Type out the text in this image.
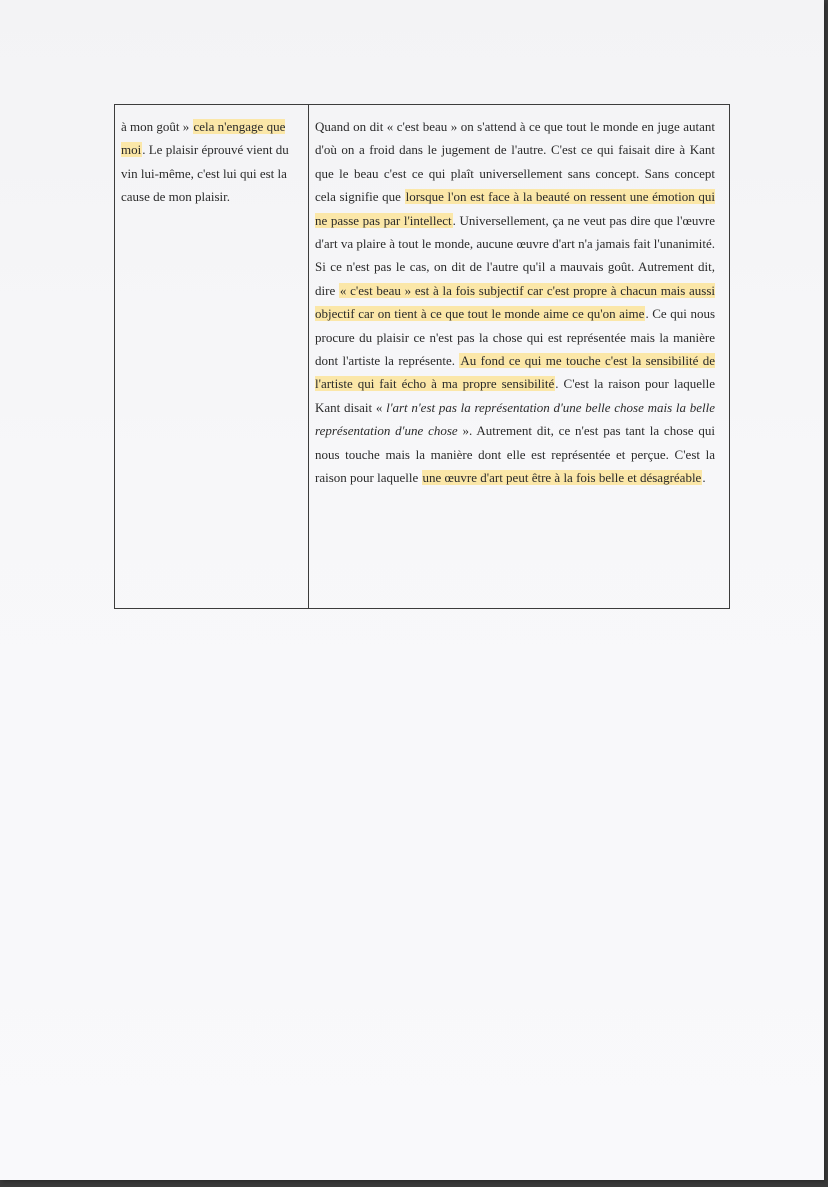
à mon goût » cela n'engage que moi. Le plaisir éprouvé vient du vin lui-même, c'est lui qui est la cause de mon plaisir.
Quand on dit « c'est beau » on s'attend à ce que tout le monde en juge autant d'où on a froid dans le jugement de l'autre. C'est ce qui faisait dire à Kant que le beau c'est ce qui plaît universellement sans concept. Sans concept cela signifie que lorsque l'on est face à la beauté on ressent une émotion qui ne passe pas par l'intellect. Universellement, ça ne veut pas dire que l'œuvre d'art va plaire à tout le monde, aucune œuvre d'art n'a jamais fait l'unanimité. Si ce n'est pas le cas, on dit de l'autre qu'il a mauvais goût. Autrement dit, dire « c'est beau » est à la fois subjectif car c'est propre à chacun mais aussi objectif car on tient à ce que tout le monde aime ce qu'on aime. Ce qui nous procure du plaisir ce n'est pas la chose qui est représentée mais la manière dont l'artiste la représente. Au fond ce qui me touche c'est la sensibilité de l'artiste qui fait écho à ma propre sensibilité. C'est la raison pour laquelle Kant disait « l'art n'est pas la représentation d'une belle chose mais la belle représentation d'une chose ». Autrement dit, ce n'est pas tant la chose qui nous touche mais la manière dont elle est représentée et perçue. C'est la raison pour laquelle une œuvre d'art peut être à la fois belle et désagréable.
